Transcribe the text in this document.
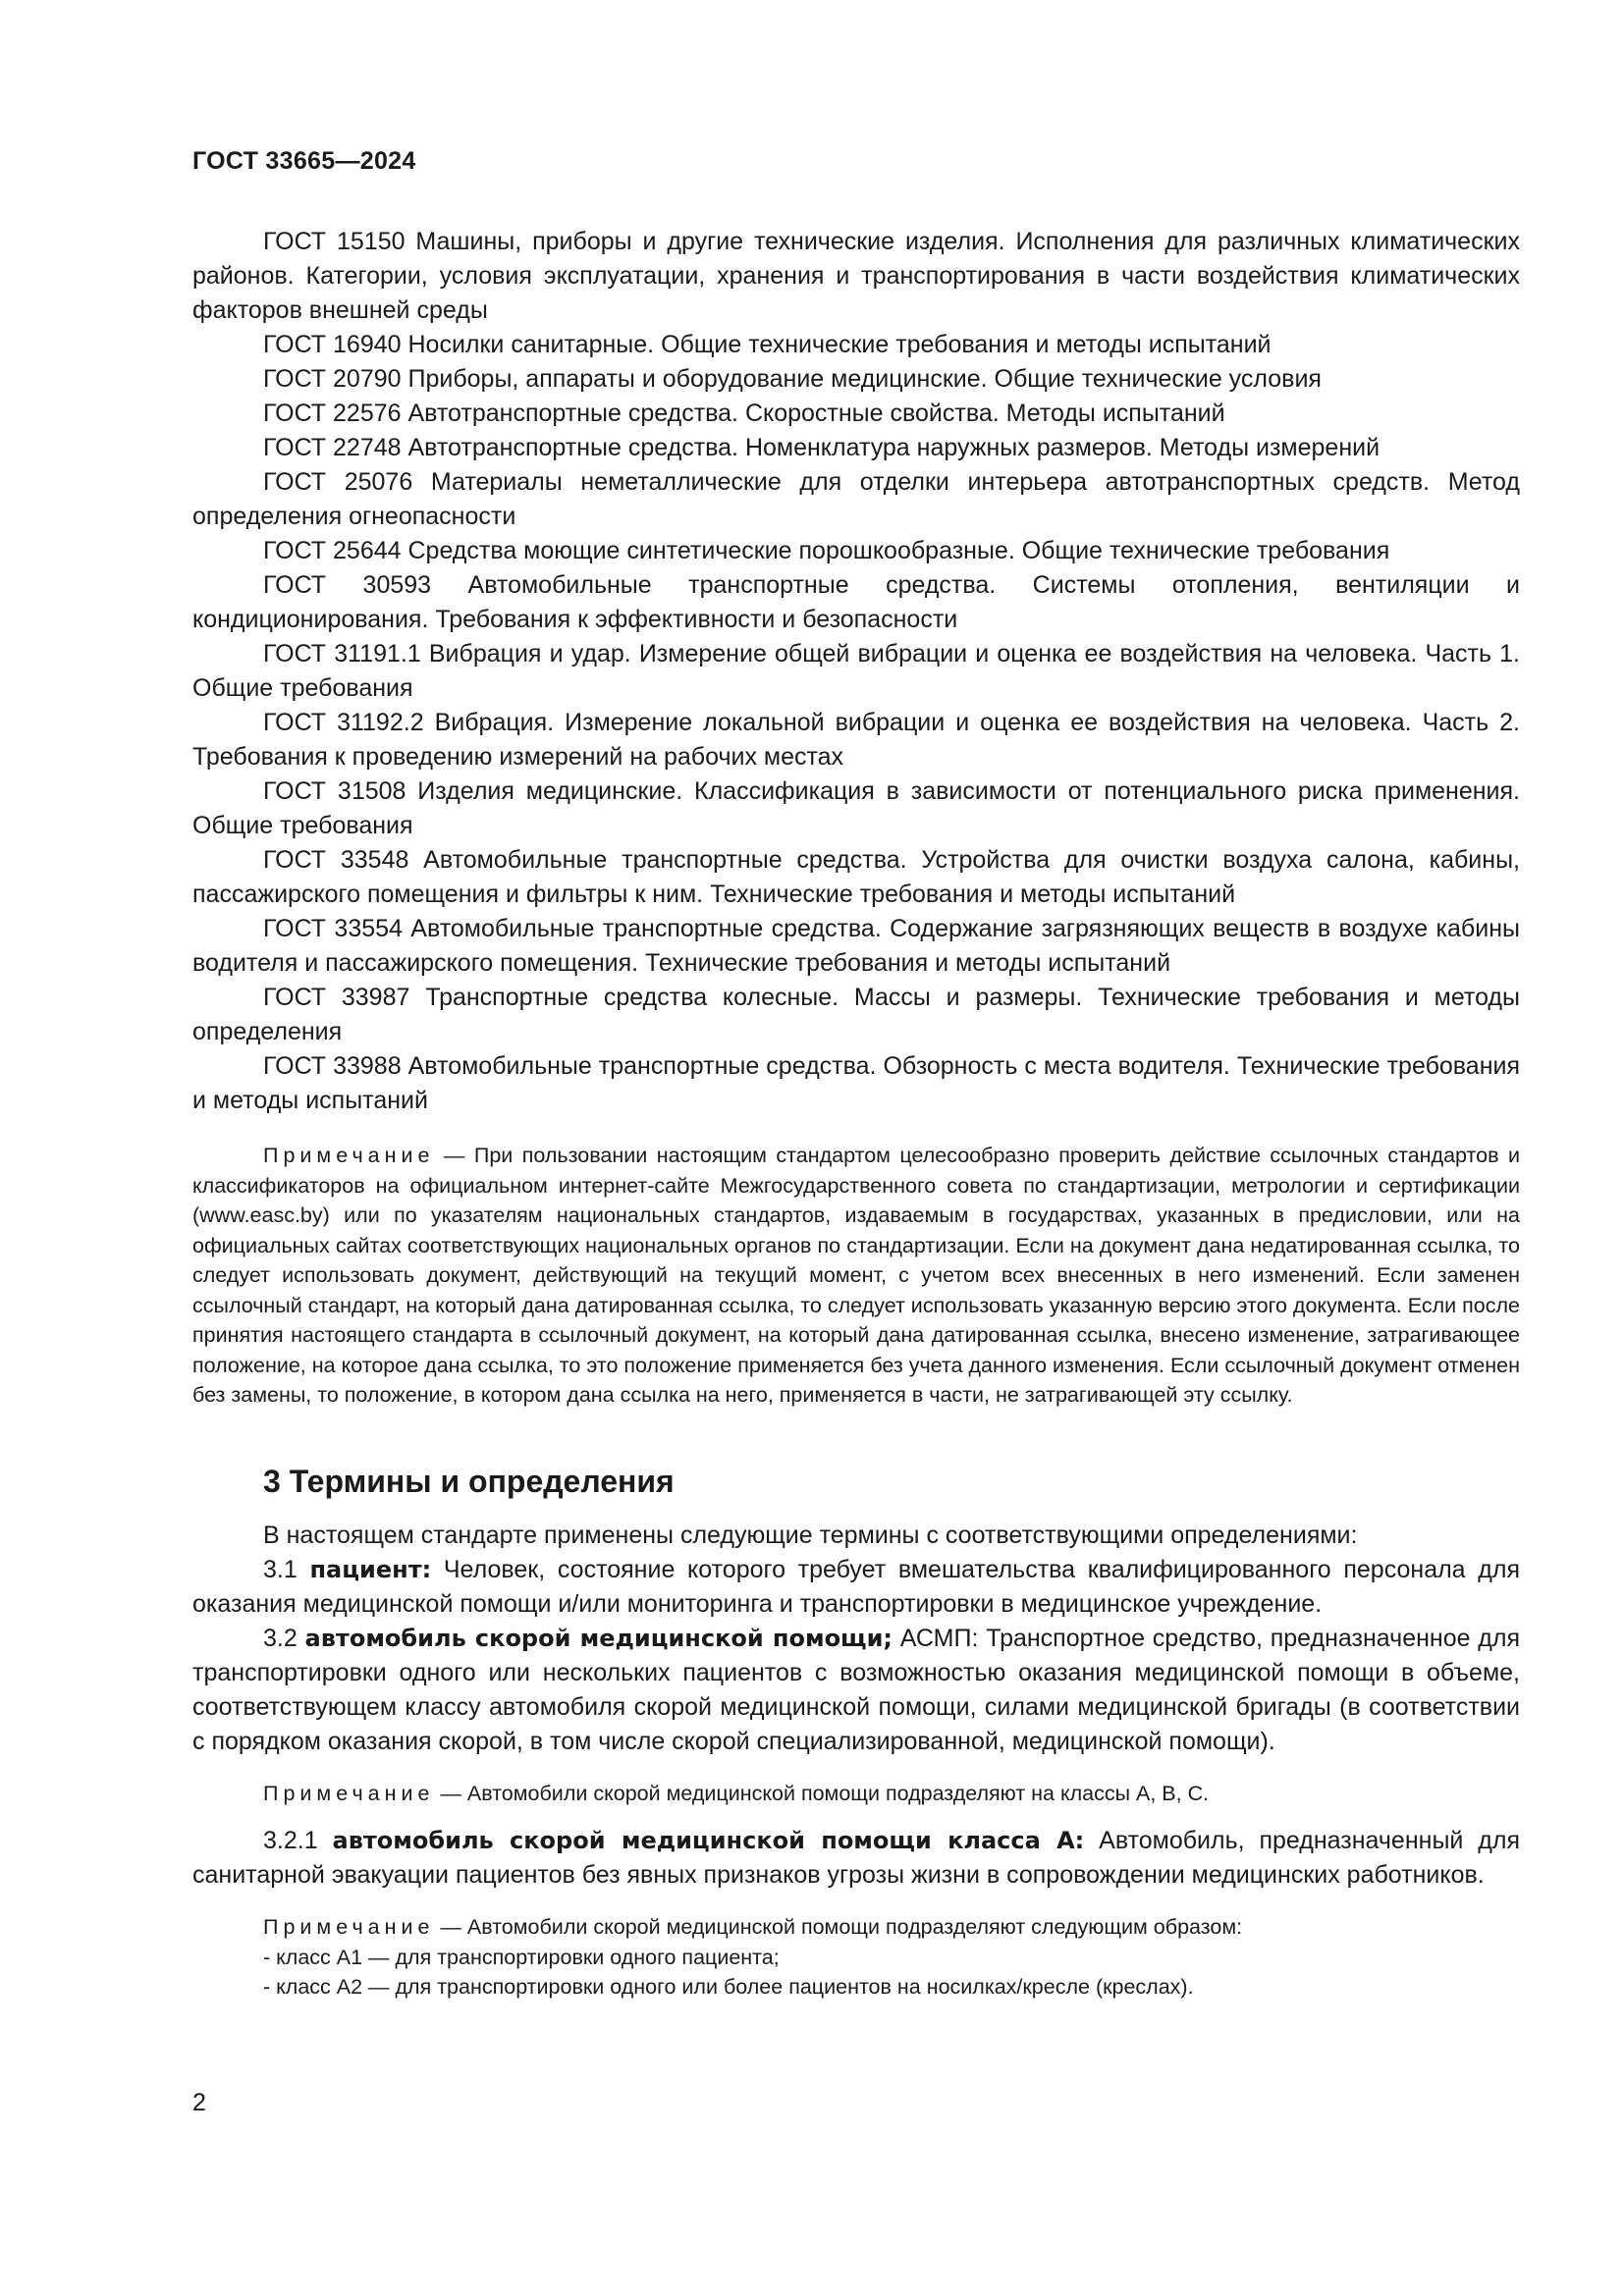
ГОСТ 33665—2024

ГОСТ 15150 Машины, приборы и другие технические изделия. Исполнения для различных климатических районов. Категории, условия эксплуатации, хранения и транспортирования в части воздействия климатических факторов внешней среды

ГОСТ 16940 Носилки санитарные. Общие технические требования и методы испытаний

ГОСТ 20790 Приборы, аппараты и оборудование медицинские. Общие технические условия

ГОСТ 22576 Автотранспортные средства. Скоростные свойства. Методы испытаний

ГОСТ 22748 Автотранспортные средства. Номенклатура наружных размеров. Методы измерений

ГОСТ 25076 Материалы неметаллические для отделки интерьера автотранспортных средств. Метод определения огнеопасности

ГОСТ 25644 Средства моющие синтетические порошкообразные. Общие технические требования

ГОСТ 30593 Автомобильные транспортные средства. Системы отопления, вентиляции и кондиционирования. Требования к эффективности и безопасности

ГОСТ 31191.1 Вибрация и удар. Измерение общей вибрации и оценка ее воздействия на человека. Часть 1. Общие требования

ГОСТ 31192.2 Вибрация. Измерение локальной вибрации и оценка ее воздействия на человека. Часть 2. Требования к проведению измерений на рабочих местах

ГОСТ 31508 Изделия медицинские. Классификация в зависимости от потенциального риска применения. Общие требования

ГОСТ 33548 Автомобильные транспортные средства. Устройства для очистки воздуха салона, кабины, пассажирского помещения и фильтры к ним. Технические требования и методы испытаний

ГОСТ 33554 Автомобильные транспортные средства. Содержание загрязняющих веществ в воздухе кабины водителя и пассажирского помещения. Технические требования и методы испытаний

ГОСТ 33987 Транспортные средства колесные. Массы и размеры. Технические требования и методы определения

ГОСТ 33988 Автомобильные транспортные средства. Обзорность с места водителя. Технические требования и методы испытаний

Примечание — При пользовании настоящим стандартом целесообразно проверить действие ссылочных стандартов и классификаторов на официальном интернет-сайте Межгосударственного совета по стандартизации, метрологии и сертификации (www.easc.by) или по указателям национальных стандартов, издаваемым в государствах, указанных в предисловии, или на официальных сайтах соответствующих национальных органов по стандартизации. Если на документ дана недатированная ссылка, то следует использовать документ, действующий на текущий момент, с учетом всех внесенных в него изменений. Если заменен ссылочный стандарт, на который дана датированная ссылка, то следует использовать указанную версию этого документа. Если после принятия настоящего стандарта в ссылочный документ, на который дана датированная ссылка, внесено изменение, затрагивающее положение, на которое дана ссылка, то это положение применяется без учета данного изменения. Если ссылочный документ отменен без замены, то положение, в котором дана ссылка на него, применяется в части, не затрагивающей эту ссылку.

3 Термины и определения

В настоящем стандарте применены следующие термины с соответствующими определениями:

3.1 пациент: Человек, состояние которого требует вмешательства квалифицированного персонала для оказания медицинской помощи и/или мониторинга и транспортировки в медицинское учреждение.

3.2 автомобиль скорой медицинской помощи; АСМП: Транспортное средство, предназначенное для транспортировки одного или нескольких пациентов с возможностью оказания медицинской помощи в объеме, соответствующем классу автомобиля скорой медицинской помощи, силами медицинской бригады (в соответствии с порядком оказания скорой, в том числе скорой специализированной, медицинской помощи).

Примечание — Автомобили скорой медицинской помощи подразделяют на классы А, В, С.

3.2.1 автомобиль скорой медицинской помощи класса А: Автомобиль, предназначенный для санитарной эвакуации пациентов без явных признаков угрозы жизни в сопровождении медицинских работников.

Примечание — Автомобили скорой медицинской помощи подразделяют следующим образом:

- класс А1 — для транспортировки одного пациента;
- класс А2 — для транспортировки одного или более пациентов на носилках/кресле (креслах).

2
